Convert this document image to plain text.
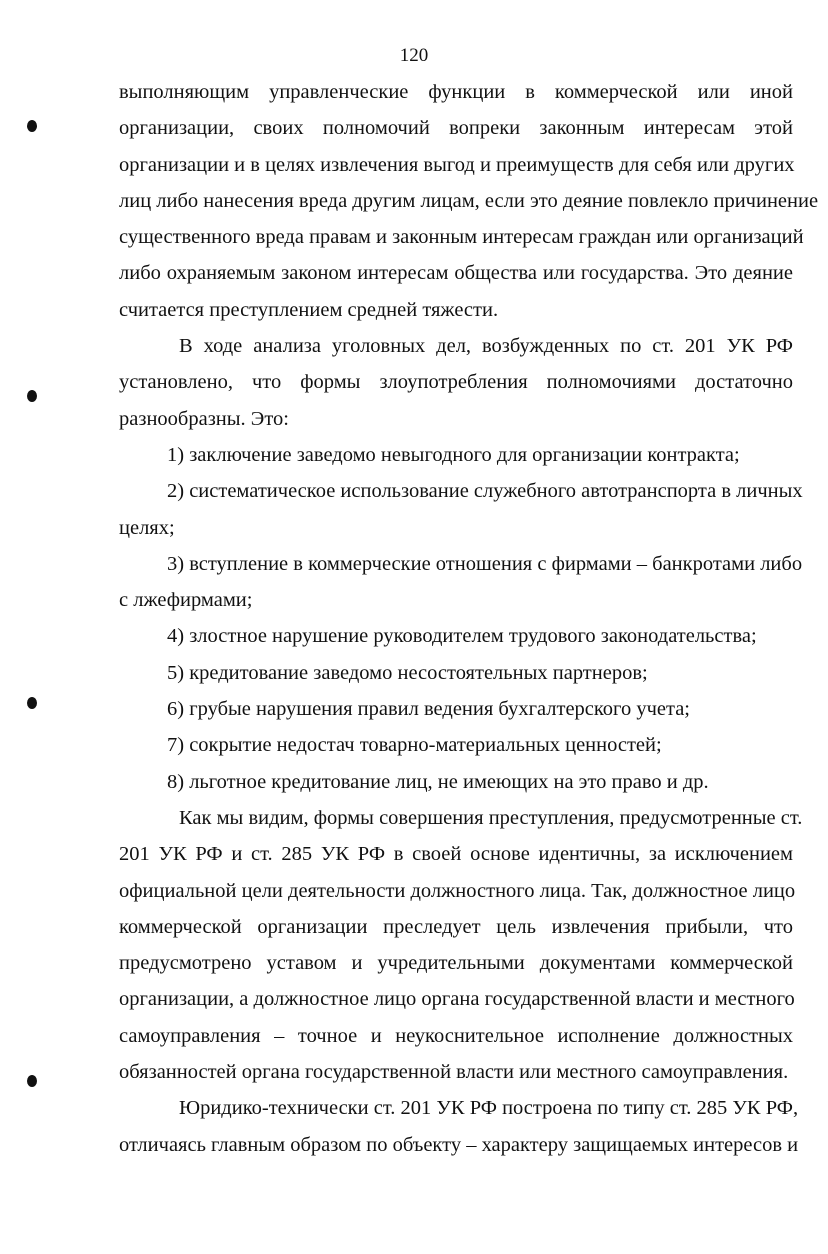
120
выполняющим управленческие функции в коммерческой или иной
организации, своих полномочий вопреки законным интересам этой
организации и в целях извлечения выгод и преимуществ для себя или других
лиц либо нанесения вреда другим лицам, если это деяние повлекло причинение
существенного вреда правам и законным интересам граждан или организаций
либо охраняемым законом интересам общества или государства. Это деяние
считается преступлением средней тяжести.
В ходе анализа уголовных дел, возбужденных по ст. 201 УК РФ
установлено, что формы злоупотребления полномочиями достаточно
разнообразны. Это:
1) заключение заведомо невыгодного для организации контракта;
2) систематическое использование служебного автотранспорта в личных
целях;
3) вступление в коммерческие отношения с фирмами – банкротами либо
с лжефирмами;
4) злостное нарушение руководителем трудового законодательства;
5) кредитование заведомо несостоятельных партнеров;
6) грубые нарушения правил ведения бухгалтерского учета;
7) сокрытие недостач товарно-материальных ценностей;
8) льготное кредитование лиц, не имеющих на это право и др.
Как мы видим, формы совершения преступления, предусмотренные ст.
201 УК РФ и ст. 285 УК РФ в своей основе идентичны, за исключением
официальной цели деятельности должностного лица. Так, должностное лицо
коммерческой организации преследует цель извлечения прибыли, что
предусмотрено уставом и учредительными документами коммерческой
организации, а должностное лицо органа государственной власти и местного
самоуправления – точное и неукоснительное исполнение должностных
обязанностей органа государственной власти или местного самоуправления.
Юридико-технически ст. 201 УК РФ построена по типу ст. 285 УК РФ,
отличаясь главным образом по объекту – характеру защищаемых интересов и
